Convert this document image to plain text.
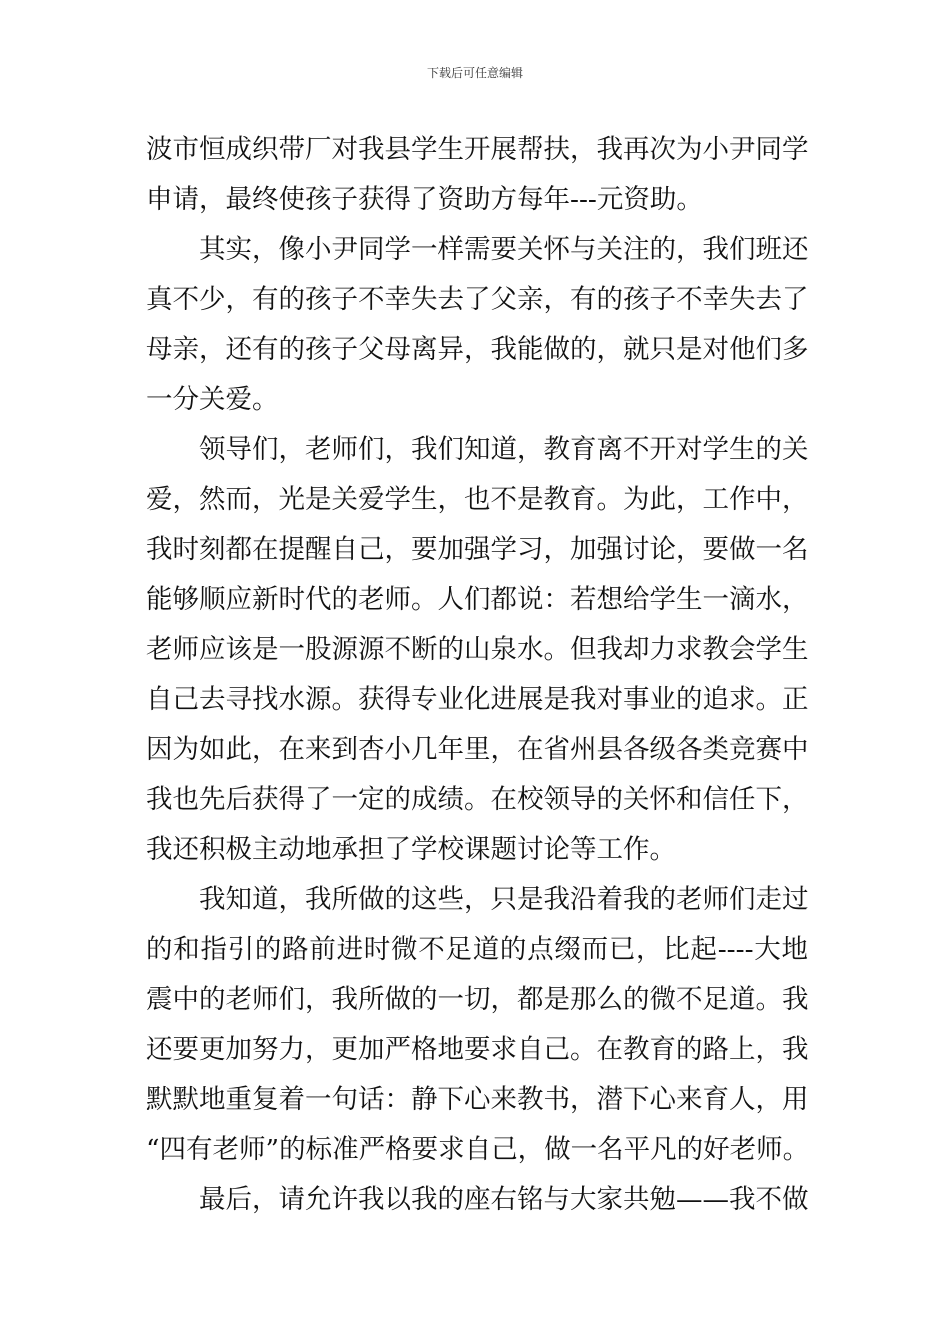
下载后可任意编辑
波市恒成织带厂对我县学生开展帮扶，我再次为小尹同学
申请，最终使孩子获得了资助方每年---元资助。
其实，像小尹同学一样需要关怀与关注的，我们班还
真不少，有的孩子不幸失去了父亲，有的孩子不幸失去了
母亲，还有的孩子父母离异，我能做的，就只是对他们多
一分关爱。
领导们，老师们，我们知道，教育离不开对学生的关
爱，然而，光是关爱学生，也不是教育。为此，工作中，
我时刻都在提醒自己，要加强学习，加强讨论，要做一名
能够顺应新时代的老师。人们都说：若想给学生一滴水，
老师应该是一股源源不断的山泉水。但我却力求教会学生
自己去寻找水源。获得专业化进展是我对事业的追求。正
因为如此，在来到杏小几年里，在省州县各级各类竞赛中
我也先后获得了一定的成绩。在校领导的关怀和信任下，
我还积极主动地承担了学校课题讨论等工作。
我知道，我所做的这些，只是我沿着我的老师们走过
的和指引的路前进时微不足道的点缀而已，比起----大地
震中的老师们，我所做的一切，都是那么的微不足道。我
还要更加努力，更加严格地要求自己。在教育的路上，我
默默地重复着一句话：静下心来教书，潜下心来育人，用
“四有老师”的标准严格要求自己，做一名平凡的好老师。
最后，请允许我以我的座右铭与大家共勉——我不做
